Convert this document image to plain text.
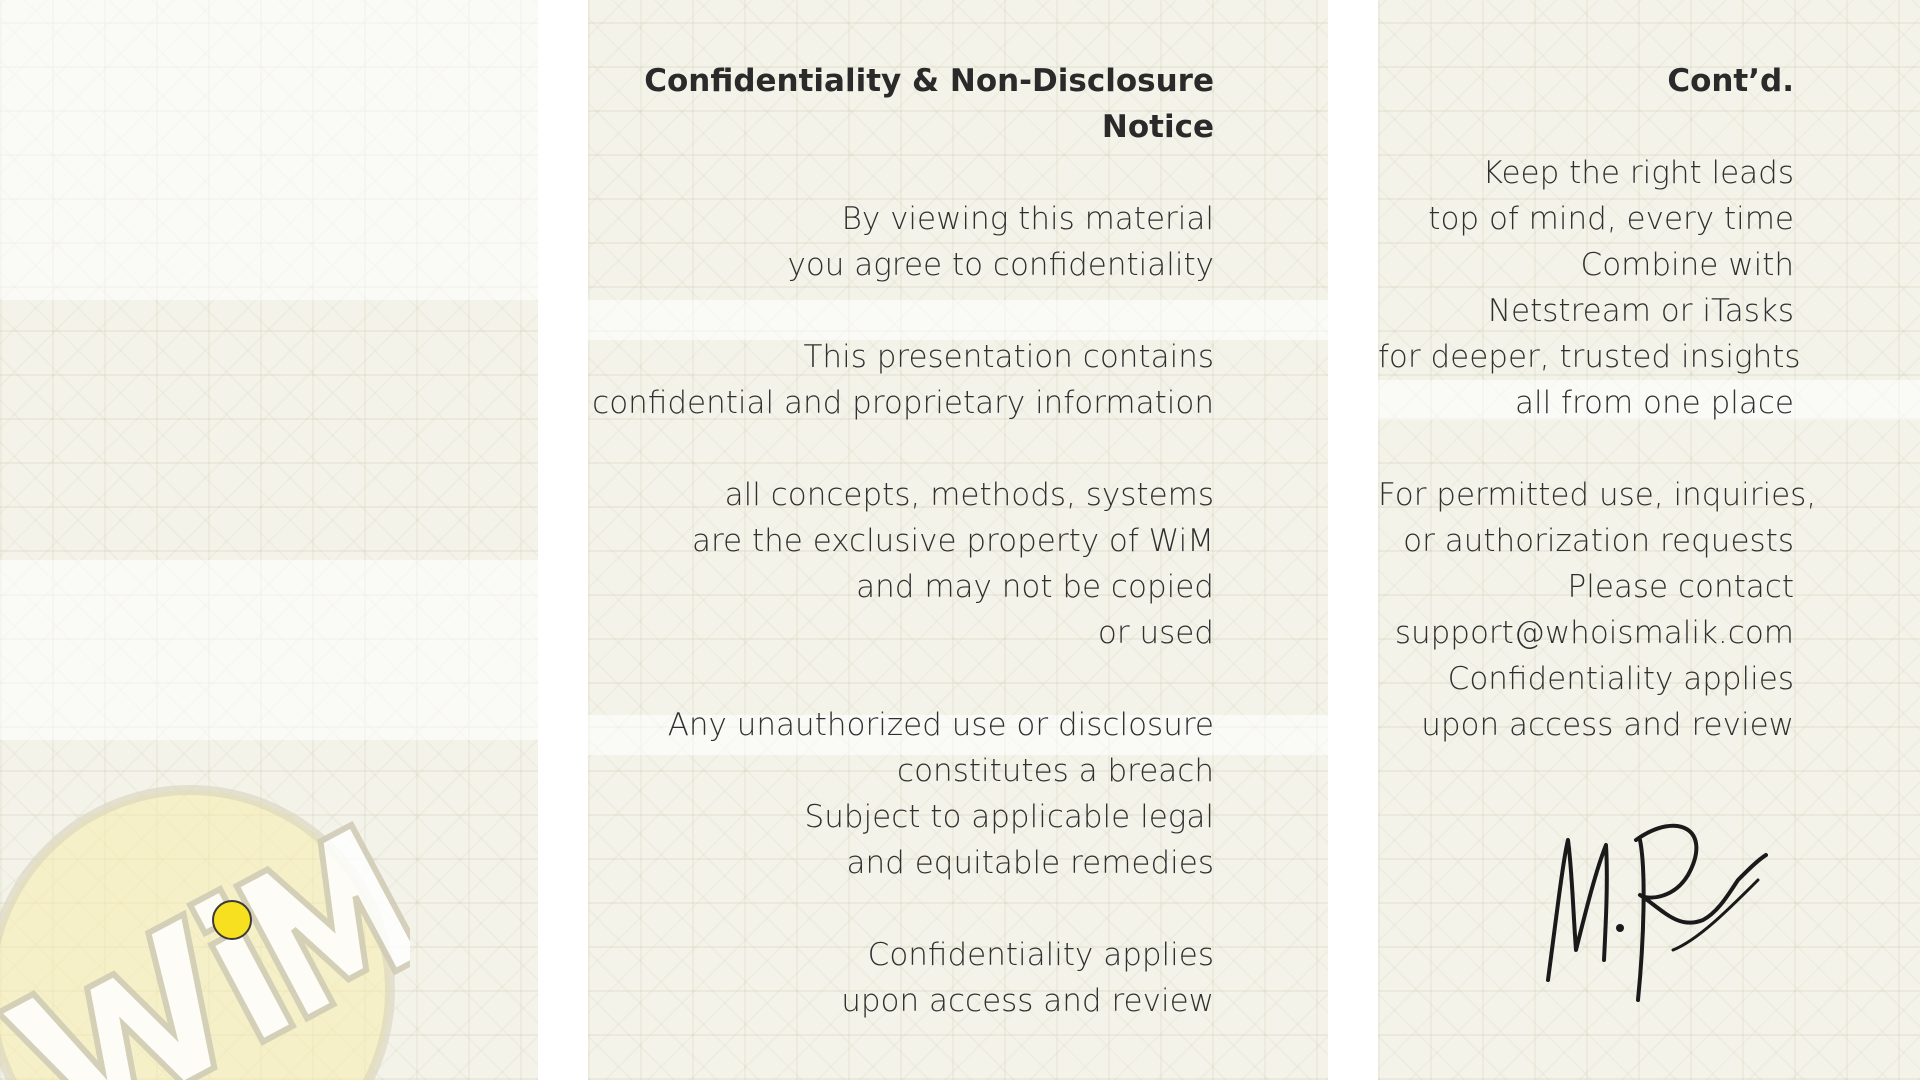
Confidentiality & Non-Disclosure Notice
By viewing this material
you agree to confidentiality
This presentation contains
confidential and proprietary information
all concepts, methods, systems
are the exclusive property of WiM
and may not be copied
or used
Any unauthorized use or disclosure
constitutes a breach
Subject to applicable legal
and equitable remedies
Confidentiality applies
upon access and review
Cont’d.
Keep the right leads
top of mind, every time
Combine with
Netstream or iTasks
for deeper, trusted insights
all from one place
For permitted use, inquiries,
or authorization requests
Please contact
support@whoismalik.com
Confidentiality applies
upon access and review
